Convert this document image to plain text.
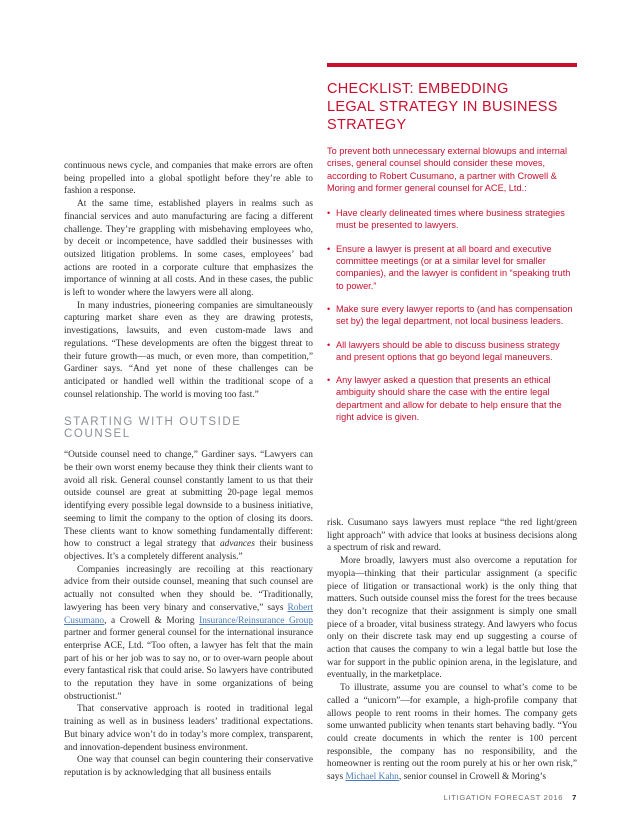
continuous news cycle, and companies that make errors are often being propelled into a global spotlight before they’re able to fashion a response.

At the same time, established players in realms such as financial services and auto manufacturing are facing a different challenge. They’re grappling with misbehaving employees who, by deceit or incompetence, have saddled their businesses with outsized litigation problems. In some cases, employees’ bad actions are rooted in a corporate culture that emphasizes the importance of winning at all costs. And in these cases, the public is left to wonder where the lawyers were all along.

In many industries, pioneering companies are simultaneously capturing market share even as they are drawing protests, investigations, lawsuits, and even custom-made laws and regulations. “These developments are often the biggest threat to their future growth—as much, or even more, than competition,” Gardiner says. “And yet none of these challenges can be anticipated or handled well within the traditional scope of a counsel relationship. The world is moving too fast.”

STARTING WITH OUTSIDE COUNSEL

“Outside counsel need to change,” Gardiner says. “Lawyers can be their own worst enemy because they think their clients want to avoid all risk. General counsel constantly lament to us that their outside counsel are great at submitting 20-page legal memos identifying every possible legal downside to a business initiative, seeming to limit the company to the option of closing its doors. These clients want to know something fundamentally different: how to construct a legal strategy that advances their business objectives. It’s a completely different analysis.”

Companies increasingly are recoiling at this reactionary advice from their outside counsel, meaning that such counsel are actually not consulted when they should be. “Traditionally, lawyering has been very binary and conservative,” says Robert Cusumano, a Crowell & Moring Insurance/Reinsurance Group partner and former general counsel for the international insurance enterprise ACE, Ltd. “Too often, a lawyer has felt that the main part of his or her job was to say no, or to over-warn people about every fantastical risk that could arise. So lawyers have contributed to the reputation they have in some organizations of being obstructionist.”

That conservative approach is rooted in traditional legal training as well as in business leaders’ traditional expectations. But binary advice won’t do in today’s more complex, transparent, and innovation-dependent business environment.

One way that counsel can begin countering their conservative reputation is by acknowledging that all business entails

CHECKLIST: EMBEDDING
LEGAL STRATEGY IN BUSINESS
STRATEGY

To prevent both unnecessary external blowups and internal crises, general counsel should consider these moves, according to Robert Cusumano, a partner with Crowell & Moring and former general counsel for ACE, Ltd.:

• Have clearly delineated times where business strategies must be presented to lawyers.
• Ensure a lawyer is present at all board and executive committee meetings (or at a similar level for smaller companies), and the lawyer is confident in “speaking truth to power.”
• Make sure every lawyer reports to (and has compensation set by) the legal department, not local business leaders.
• All lawyers should be able to discuss business strategy and present options that go beyond legal maneuvers.
• Any lawyer asked a question that presents an ethical ambiguity should share the case with the entire legal department and allow for debate to help ensure that the right advice is given.

risk. Cusumano says lawyers must replace “the red light/green light approach” with advice that looks at business decisions along a spectrum of risk and reward.

More broadly, lawyers must also overcome a reputation for myopia—thinking that their particular assignment (a specific piece of litigation or transactional work) is the only thing that matters. Such outside counsel miss the forest for the trees because they don’t recognize that their assignment is simply one small piece of a broader, vital business strategy. And lawyers who focus only on their discrete task may end up suggesting a course of action that causes the company to win a legal battle but lose the war for support in the public opinion arena, in the legislature, and eventually, in the marketplace.

To illustrate, assume you are counsel to what’s come to be called a “unicorn”—for example, a high-profile company that allows people to rent rooms in their homes. The company gets some unwanted publicity when tenants start behaving badly. “You could create documents in which the renter is 100 percent responsible, the company has no responsibility, and the homeowner is renting out the room purely at his or her own risk,” says Michael Kahn, senior counsel in Crowell & Moring’s

LITIGATION FORECAST 2016 7
